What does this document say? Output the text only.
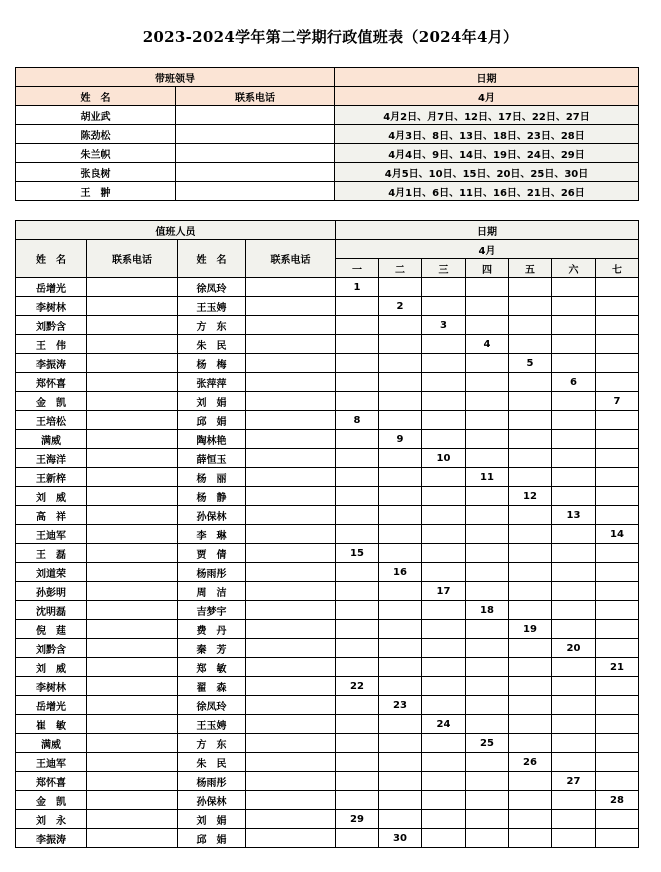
2023-2024学年第二学期行政值班表（2024年4月）
带班领导		日期
姓　名	联系电话	4月
胡业武		4月2日、月7日、12日、17日、22日、27日
陈劲松		4月3日、8日、13日、18日、23日、28日
朱兰帜		4月4日、9日、14日、19日、24日、29日
张良树		4月5日、10日、15日、20日、25日、30日
王　翀		4月1日、6日、11日、16日、21日、26日
值班人员				日期						
姓　名	联系电话	姓　名	联系电话	4月						
				一	二	三	四	五	六	七
岳增光		徐凤玲		1						
李树林		王玉娉			2					
刘黔含		方　东				3				
王　伟		朱　民					4			
李振涛		杨　梅						5		
郑怀喜		张萍萍							6	
金　凯		刘　娟								7
王培松		邱　娟		8						
满威		陶林艳			9					
王海洋		薛恒玉				10				
王新梓		杨　丽					11			
刘　威		杨　静						12		
高　祥		孙保林							13	
王迪军		李　琳								14
王　磊		贾　倩		15						
刘道荣		杨雨彤			16					
孙彭明		周　洁				17				
沈明磊		吉梦宇					18			
倪　莛		费　丹						19		
刘黔含		秦　芳							20	
刘　威		郑　敏								21
李树林		翟　森		22						
岳增光		徐凤玲			23					
崔　敏		王玉娉				24				
满威		方　东					25			
王迪军		朱　民						26		
郑怀喜		杨雨彤							27	
金　凯		孙保林								28
刘　永		刘　娟		29						
李振涛		邱　娟			30					
